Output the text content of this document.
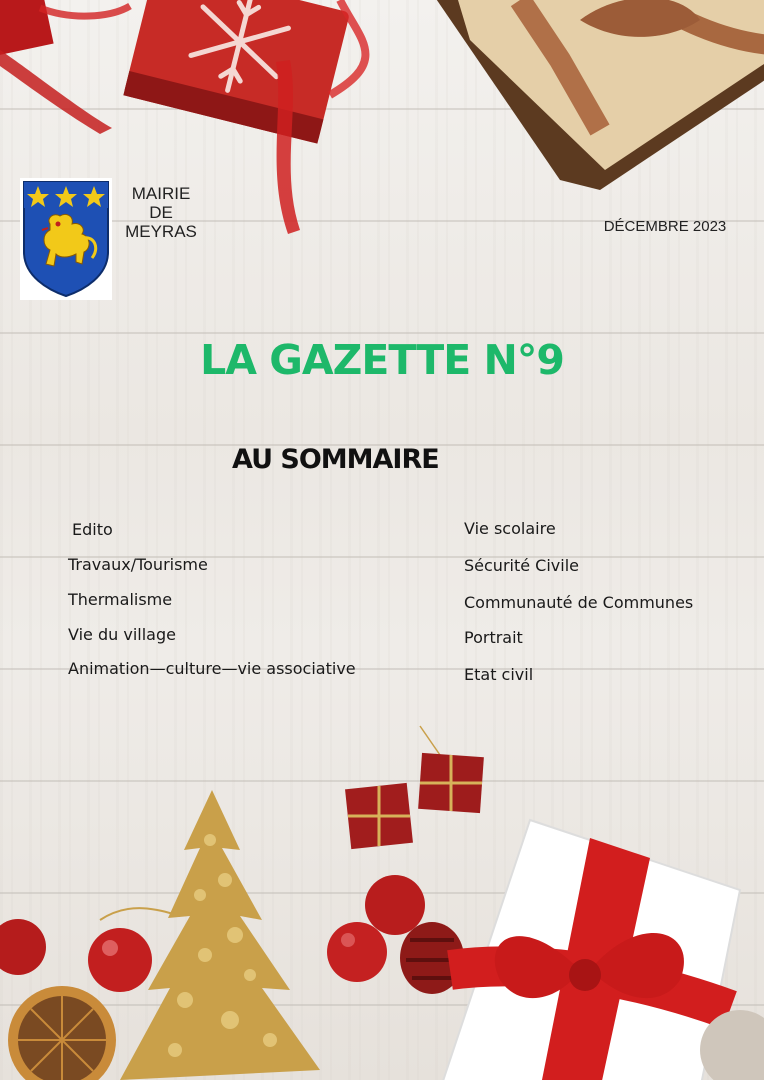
MAIRIE
DE
MEYRAS	DÉCEMBRE 2023
LA GAZETTE N°9
AU SOMMAIRE
Edito
Travaux/Tourisme
Thermalisme
Vie du village
Animation—culture—vie associative
Vie scolaire
Sécurité Civile
Communauté de Communes
Portrait
Etat civil
